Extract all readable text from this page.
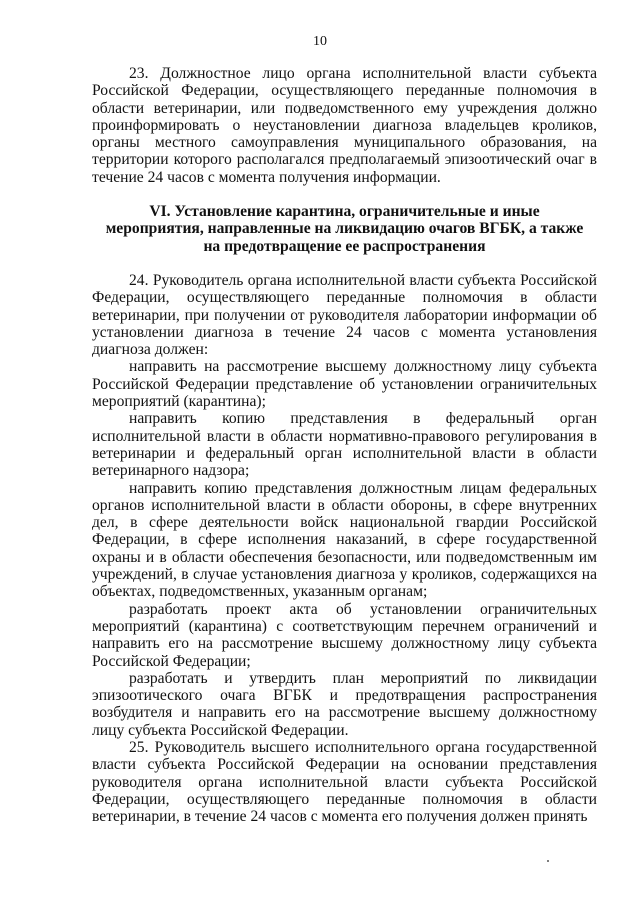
10

23. Должностное лицо органа исполнительной власти субъекта Российской Федерации, осуществляющего переданные полномочия в области ветеринарии, или подведомственного ему учреждения должно проинформировать о неустановлении диагноза владельцев кроликов, органы местного самоуправления муниципального образования, на территории которого располагался предполагаемый эпизоотический очаг в течение 24 часов с момента получения информации.

VI. Установление карантина, ограничительные и иные
мероприятия, направленные на ликвидацию очагов ВГБК, а также
на предотвращение ее распространения

24. Руководитель органа исполнительной власти субъекта Российской Федерации, осуществляющего переданные полномочия в области ветеринарии, при получении от руководителя лаборатории информации об установлении диагноза в течение 24 часов с момента установления диагноза должен:

направить на рассмотрение высшему должностному лицу субъекта Российской Федерации представление об установлении ограничительных мероприятий (карантина);

направить копию представления в федеральный орган исполнительной власти в области нормативно-правового регулирования в ветеринарии и федеральный орган исполнительной власти в области ветеринарного надзора;

направить копию представления должностным лицам федеральных органов исполнительной власти в области обороны, в сфере внутренних дел, в сфере деятельности войск национальной гвардии Российской Федерации, в сфере исполнения наказаний, в сфере государственной охраны и в области обеспечения безопасности, или подведомственным им учреждений, в случае установления диагноза у кроликов, содержащихся на объектах, подведомственных, указанным органам;

разработать проект акта об установлении ограничительных мероприятий (карантина) с соответствующим перечнем ограничений и направить его на рассмотрение высшему должностному лицу субъекта Российской Федерации;

разработать и утвердить план мероприятий по ликвидации эпизоотического очага ВГБК и предотвращения распространения возбудителя и направить его на рассмотрение высшему должностному лицу субъекта Российской Федерации.

25. Руководитель высшего исполнительного органа государственной власти субъекта Российской Федерации на основании представления руководителя органа исполнительной власти субъекта Российской Федерации, осуществляющего переданные полномочия в области ветеринарии, в течение 24 часов с момента его получения должен принять
